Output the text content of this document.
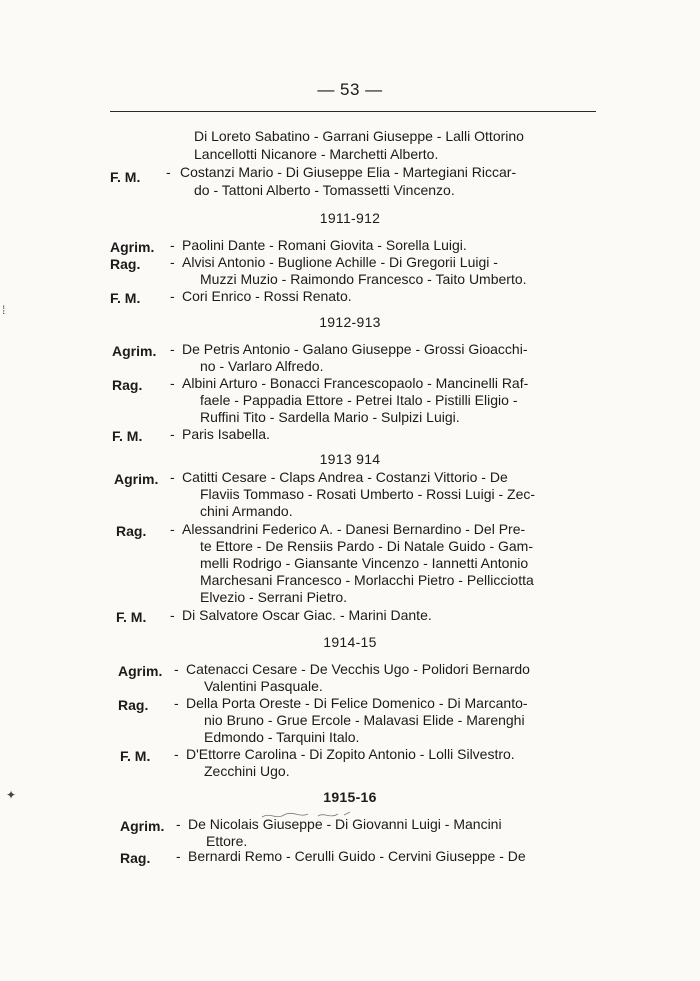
— 53 —
Di Loreto Sabatino - Garrani Giuseppe - Lalli Ottorino
Lancellotti Nicanore - Marchetti Alberto.
F. M. - Costanzi Mario - Di Giuseppe Elia - Martegiani Riccar-
do - Tattoni Alberto - Tomassetti Vincenzo.
1911-912
Agrim. - Paolini Dante - Romani Giovita - Sorella Luigi.
Rag. - Alvisi Antonio - Buglione Achille - Di Gregorii Luigi -
Muzzi Muzio - Raimondo Francesco - Taito Umberto.
F. M. - Cori Enrico - Rossi Renato.
1912-913
Agrim. - De Petris Antonio - Galano Giuseppe - Grossi Gioacchi-
no - Varlaro Alfredo.
Rag. - Albini Arturo - Bonacci Francescopaolo - Mancinelli Raf-
faele - Pappadia Ettore - Petrei Italo - Pistilli Eligio -
Ruffini Tito - Sardella Mario - Sulpizi Luigi.
F. M. - Paris Isabella.
1913 914
Agrim. - Catitti Cesare - Claps Andrea - Costanzi Vittorio - De
Flaviis Tommaso - Rosati Umberto - Rossi Luigi - Zec-
chini Armando.
Rag. - Alessandrini Federico A. - Danesi Bernardino - Del Pre-
te Ettore - De Rensiis Pardo - Di Natale Guido - Gam-
melli Rodrigo - Giansante Vincenzo - Iannetti Antonio
Marchesani Francesco - Morlacchi Pietro - Pellicciotta
Elvezio - Serrani Pietro.
F. M. - Di Salvatore Oscar Giac. - Marini Dante.
1914-15
Agrim. - Catenacci Cesare - De Vecchis Ugo - Polidori Bernardo
Valentini Pasquale.
Rag. - Della Porta Oreste - Di Felice Domenico - Di Marcanto-
nio Bruno - Grue Ercole - Malavasi Elide - Marenghi
Edmondo - Tarquini Italo.
F. M. - D'Ettorre Carolina - Di Zopito Antonio - Lolli Silvestro.
Zecchini Ugo.
1915-16
Agrim. - De Nicolais Giuseppe - Di Giovanni Luigi - Mancini
Ettore.
Rag. - Bernardi Remo - Cerulli Guido - Cervini Giuseppe - De
⁞
✦
